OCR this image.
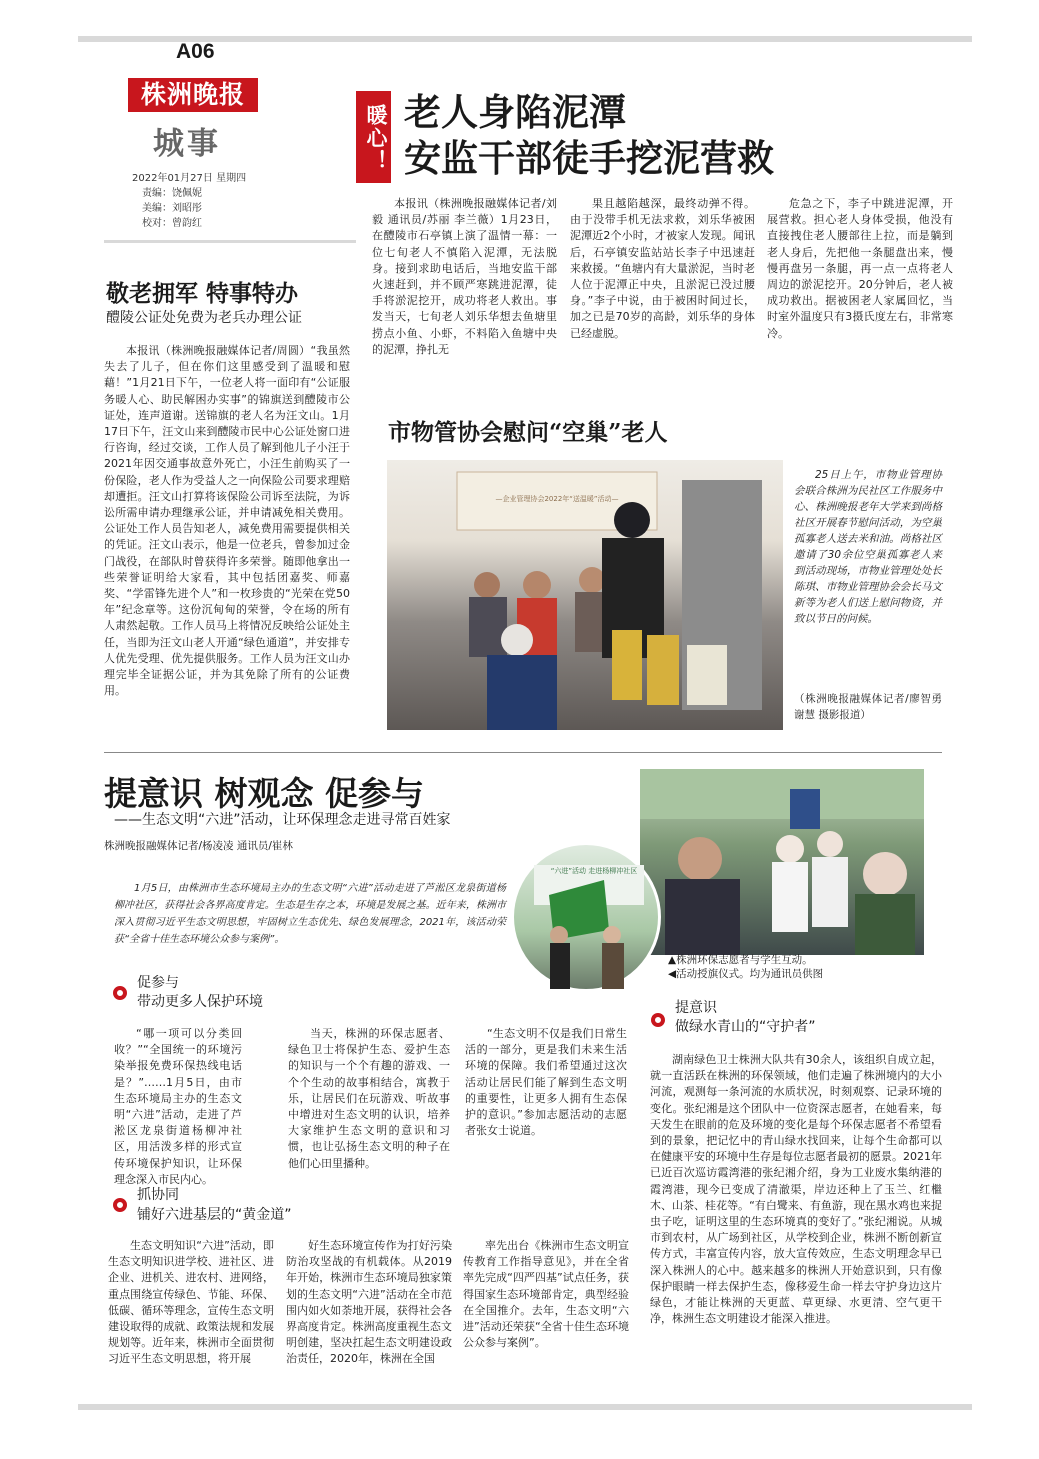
A06
株洲晚报
城事
2022年01月27日 星期四
责编：饶佩妮
美编：刘昭彤
校对：曾韵红
暖心！ 老人身陷泥潭
安监干部徒手挖泥营救

本报讯（株洲晚报融媒体记者/刘毅 通讯员/苏丽 李兰薇）1月23日，在醴陵市石亭镇上演了温情一幕：一位七旬老人不慎陷入泥潭，无法脱身。接到求助电话后，当地安监干部火速赶到，并不顾严寒跳进泥潭，徒手将淤泥挖开，成功将老人救出。事发当天，七旬老人刘乐华想去鱼塘里捞点小鱼、小虾，不料陷入鱼塘中央的泥潭，挣扎无

果且越陷越深，最终动弹不得。由于没带手机无法求救，刘乐华被困泥潭近2个小时，才被家人发现。闻讯后，石亭镇安监站站长李子中迅速赶来救援。“鱼塘内有大量淤泥，当时老人位于泥潭正中央，且淤泥已没过腰身。”李子中说，由于被困时间过长，加之已是70岁的高龄，刘乐华的身体已经虚脱。

危急之下，李子中跳进泥潭，开展营救。担心老人身体受损，他没有直接拽住老人腰部往上拉，而是躺到老人身后，先把他一条腿盘出来，慢慢再盘另一条腿，再一点一点将老人周边的淤泥挖开。20分钟后，老人被成功救出。据被困老人家属回忆，当时室外温度只有3摄氏度左右，非常寒冷。

敬老拥军 特事特办
醴陵公证处免费为老兵办理公证

本报讯（株洲晚报融媒体记者/周圆）“我虽然失去了儿子，但在你们这里感受到了温暖和慰藉！”1月21日下午，一位老人将一面印有“公证服务暖人心、助民解困办实事”的锦旗送到醴陵市公证处，连声道谢。送锦旗的老人名为汪文山。1月17日下午，汪文山来到醴陵市民中心公证处窗口进行咨询，经过交谈，工作人员了解到他儿子小汪于2021年因交通事故意外死亡，小汪生前购买了一份保险，老人作为受益人之一向保险公司要求理赔却遭拒。汪文山打算将该保险公司诉至法院，为诉讼所需申请办理继承公证，并申请减免相关费用。公证处工作人员告知老人，减免费用需要提供相关的凭证。汪文山表示，他是一位老兵，曾参加过金门战役，在部队时曾获得许多荣誉。随即他拿出一些荣誉证明给大家看，其中包括团嘉奖、师嘉奖、“学雷锋先进个人”和一枚珍贵的“光荣在党50年”纪念章等。这份沉甸甸的荣誉，令在场的所有人肃然起敬。工作人员马上将情况反映给公证处主任，当即为汪文山老人开通“绿色通道”，并安排专人优先受理、优先提供服务。工作人员为汪文山办理完毕全证据公证，并为其免除了所有的公证费用。

市物管协会慰问“空巢”老人
—企业管理协会2022年“送温暖”活动—
25日上午，市物业管理协会联合株洲为民社区工作服务中心、株洲晚报老年大学来到尚格社区开展春节慰问活动，为空巢孤寡老人送去米和油。尚格社区邀请了30余位空巢孤寡老人来到活动现场，市物业管理处处长陈琪、市物业管理协会会长马文新等为老人们送上慰问物资，并致以节日的问候。
（株洲晚报融媒体记者/廖智勇 谢慧 摄影报道）
提意识 树观念 促参与
——生态文明“六进”活动，让环保理念走进寻常百姓家
株洲晚报融媒体记者/杨凌凌 通讯员/崔林
1月5日，由株洲市生态环境局主办的生态文明“六进”活动走进了芦淞区龙泉街道杨柳冲社区，获得社会各界高度肯定。生态是生存之本，环境是发展之基。近年来，株洲市深入贯彻习近平生态文明思想，牢固树立生态优先、绿色发展理念，2021年，该活动荣获“全省十佳生态环境公众参与案例”。
“六进”活动 走进杨柳冲社区
▲株洲环保志愿者与学生互动。
◀活动授旗仪式。均为通讯员供图
促参与
带动更多人保护环境

“哪一项可以分类回收？”“全国统一的环境污染举报免费环保热线电话是？”……1月5日，由市生态环境局主办的生态文明“六进”活动，走进了芦淞区龙泉街道杨柳冲社区，用活泼多样的形式宣传环境保护知识，让环保理念深入市民内心。

当天，株洲的环保志愿者、绿色卫士将保护生态、爱护生态的知识与一个个有趣的游戏、一个个生动的故事相结合，寓教于乐，让居民们在玩游戏、听故事中增进对生态文明的认识，培养大家维护生态文明的意识和习惯，也让弘扬生态文明的种子在他们心田里播种。

“生态文明不仅是我们日常生活的一部分，更是我们未来生活环境的保障。我们希望通过这次活动让居民们能了解到生态文明的重要性，让更多人拥有生态保护的意识。”参加志愿活动的志愿者张女士说道。

抓协同
铺好六进基层的“黄金道”

生态文明知识“六进”活动，即生态文明知识进学校、进社区、进企业、进机关、进农村、进网络，重点围绕宣传绿色、节能、环保、低碳、循环等理念，宣传生态文明建设取得的成就、政策法规和发展规划等。近年来，株洲市全面贯彻习近平生态文明思想，将开展

好生态环境宣传作为打好污染防治攻坚战的有机载体。从2019年开始，株洲市生态环境局独家策划的生态文明“六进”活动在全市范围内如火如荼地开展，获得社会各界高度肯定。株洲高度重视生态文明创建，坚决扛起生态文明建设政治责任，2020年，株洲在全国

率先出台《株洲市生态文明宣传教育工作指导意见》，并在全省率先完成“四严四基”试点任务，获得国家生态环境部肯定，典型经验在全国推介。去年，生态文明“六进”活动还荣获“全省十佳生态环境公众参与案例”。

提意识
做绿水青山的“守护者”

湖南绿色卫士株洲大队共有30余人，该组织自成立起，就一直活跃在株洲的环保领域，他们走遍了株洲境内的大小河流，观测每一条河流的水质状况，时刻观察、记录环境的变化。张纪湘是这个团队中一位资深志愿者，在她看来，每天发生在眼前的危及环境的变化是每个环保志愿者不希望看到的景象，把记忆中的青山绿水找回来，让每个生命都可以在健康平安的环境中生存是每位志愿者最初的愿景。2021年已近百次巡访霞湾港的张纪湘介绍，身为工业废水集纳港的霞湾港，现今已变成了清澈渠，岸边还种上了玉兰、红檵木、山茶、桂花等。“有白鹭来、有鱼游，现在黑水鸡也来捉虫子吃，证明这里的生态环境真的变好了。”张纪湘说。从城市到农村，从广场到社区，从学校到企业，株洲不断创新宣传方式，丰富宣传内容，放大宣传效应，生态文明理念早已深入株洲人的心中。越来越多的株洲人开始意识到，只有像保护眼睛一样去保护生态，像移爱生命一样去守护身边这片绿色，才能让株洲的天更蓝、草更绿、水更清、空气更干净，株洲生态文明建设才能深入推进。
